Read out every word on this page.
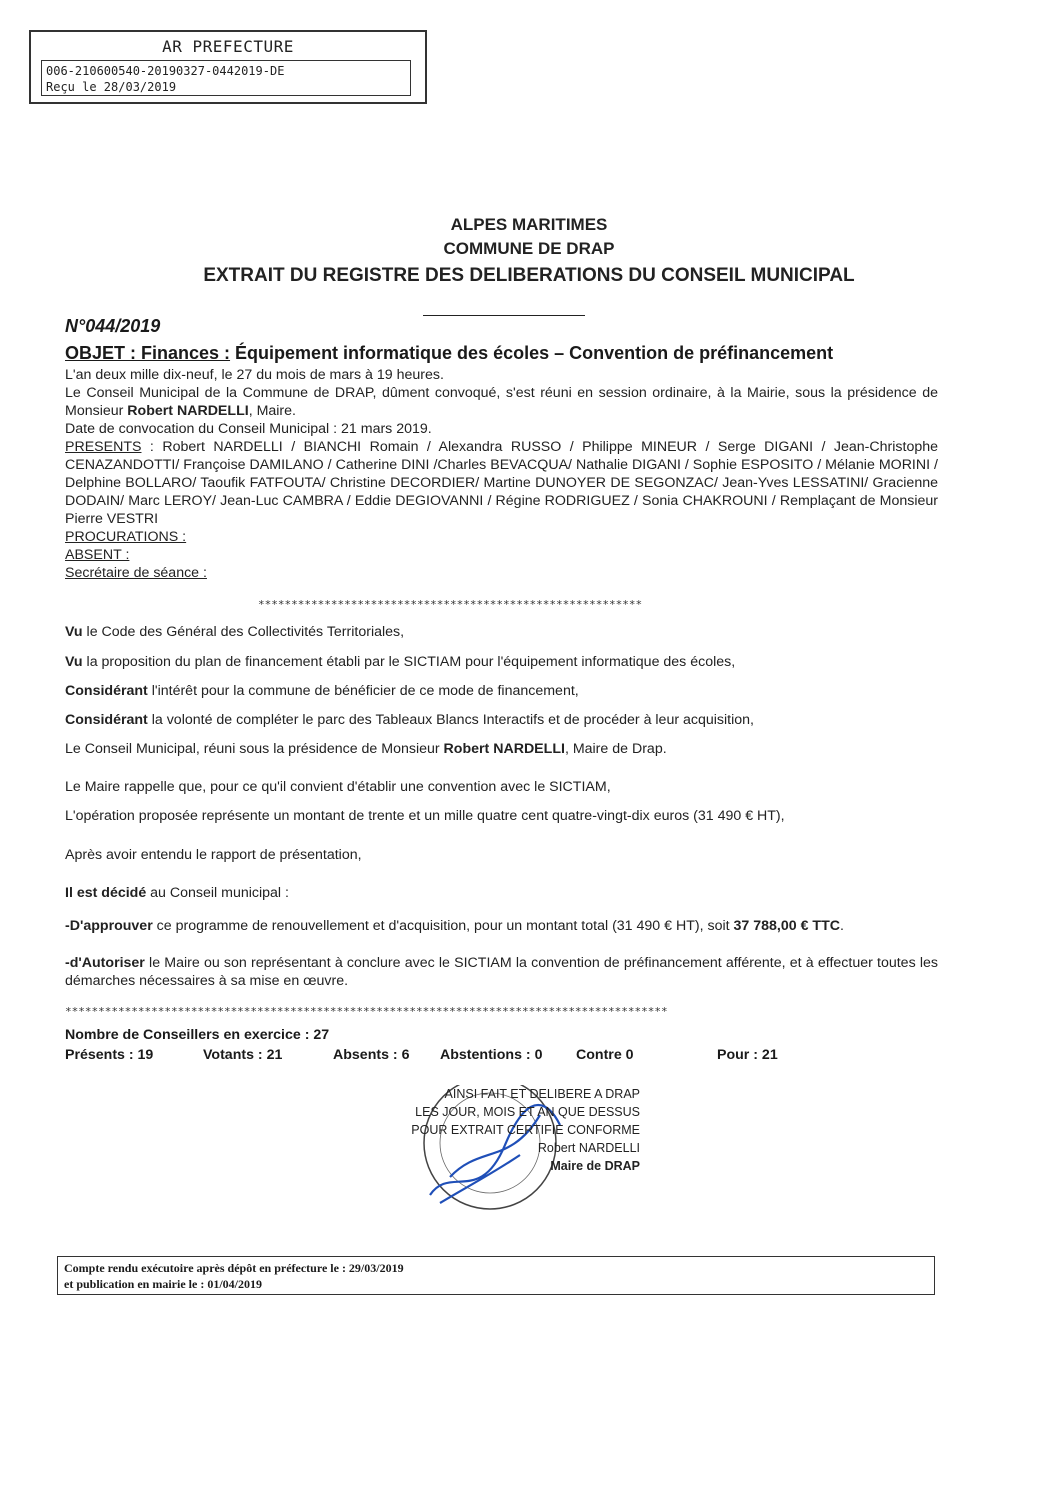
AR PREFECTURE
006-210600540-20190327-0442019-DE
Reçu le 28/03/2019
ALPES MARITIMES
COMMUNE DE DRAP
EXTRAIT DU REGISTRE DES DELIBERATIONS DU CONSEIL MUNICIPAL
N°044/2019
OBJET : Finances : Équipement informatique des écoles – Convention de préfinancement

L'an deux mille dix-neuf, le 27 du mois de mars à 19 heures.

Le Conseil Municipal de la Commune de DRAP, dûment convoqué, s'est réuni en session ordinaire, à la Mairie, sous la présidence de Monsieur Robert NARDELLI, Maire.

Date de convocation du Conseil Municipal : 21 mars 2019.

PRESENTS : Robert NARDELLI / BIANCHI Romain / Alexandra RUSSO / Philippe MINEUR / Serge DIGANI / Jean-Christophe CENAZANDOTTI/ Françoise DAMILANO / Catherine DINI /Charles BEVACQUA/ Nathalie DIGANI / Sophie ESPOSITO / Mélanie MORINI / Delphine BOLLARO/ Taoufik FATFOUTA/ Christine DECORDIER/ Martine DUNOYER DE SEGONZAC/ Jean-Yves LESSATINI/ Gracienne DODAIN/ Marc LEROY/ Jean-Luc CAMBRA / Eddie DEGIOVANNI / Régine RODRIGUEZ / Sonia CHAKROUNI / Remplaçant de Monsieur Pierre VESTRI

PROCURATIONS :

ABSENT :

Secrétaire de séance :

**********************************************************
Vu le Code des Général des Collectivités Territoriales,
Vu la proposition du plan de financement établi par le SICTIAM pour l'équipement informatique des écoles,
Considérant l'intérêt pour la commune de bénéficier de ce mode de financement,
Considérant la volonté de compléter le parc des Tableaux Blancs Interactifs et de procéder à leur acquisition,
Le Conseil Municipal, réuni sous la présidence de Monsieur Robert NARDELLI, Maire de Drap.
Le Maire rappelle que, pour ce qu'il convient d'établir une convention avec le SICTIAM,
L'opération proposée représente un montant de trente et un mille quatre cent quatre-vingt-dix euros (31 490 € HT),
Après avoir entendu le rapport de présentation,
Il est décidé au Conseil municipal :
-D'approuver ce programme de renouvellement et d'acquisition, pour un montant total (31 490 € HT), soit 37 788,00 € TTC.
-d'Autoriser le Maire ou son représentant à conclure avec le SICTIAM la convention de préfinancement afférente, et à effectuer toutes les démarches nécessaires à sa mise en œuvre.
*******************************************************************************************
Nombre de Conseillers en exercice : 27
Présents : 19	Votants : 21	Absents : 6 Abstentions : 0 Contre 0	Pour : 21
AINSI FAIT ET DELIBERE A DRAP
LES JOUR, MOIS ET AN QUE DESSUS
POUR EXTRAIT CERTIFIE CONFORME
Robert NARDELLI
Maire de DRAP
Compte rendu exécutoire après dépôt en préfecture le : 29/03/2019
et publication en mairie le : 01/04/2019
